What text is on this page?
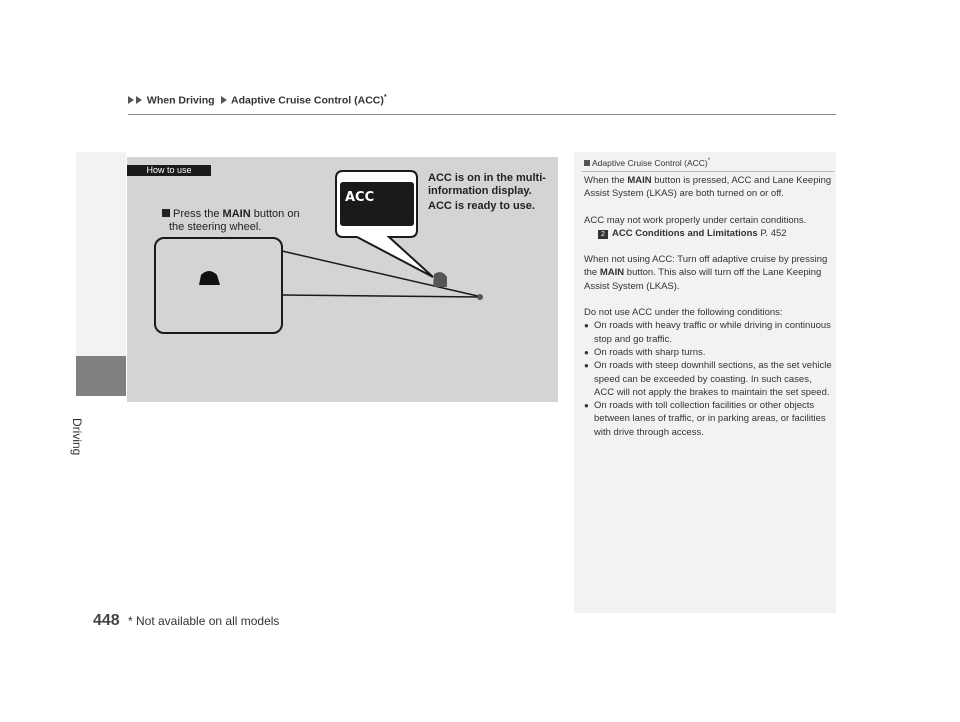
When Driving Adaptive Cruise Control (ACC)*
Driving
448 * Not available on all models
ACC
How to use
ACC is on in the multi-information display.
ACC is ready to use.
Press the MAIN button on
the steering wheel.
Adaptive Cruise Control (ACC)*

When the MAIN button is pressed, ACC and Lane Keeping Assist System (LKAS) are both turned on or off.

ACC may not work properly under certain conditions.
2 ACC Conditions and Limitations P. 452

When not using ACC: Turn off adaptive cruise by pressing the MAIN button. This also will turn off the Lane Keeping Assist System (LKAS).

Do not use ACC under the following conditions:

● On roads with heavy traffic or while driving in continuous stop and go traffic.
● On roads with sharp turns.
● On roads with steep downhill sections, as the set vehicle speed can be exceeded by coasting. In such cases, ACC will not apply the brakes to maintain the set speed.
● On roads with toll collection facilities or other objects between lanes of traffic, or in parking areas, or facilities with drive through access.
